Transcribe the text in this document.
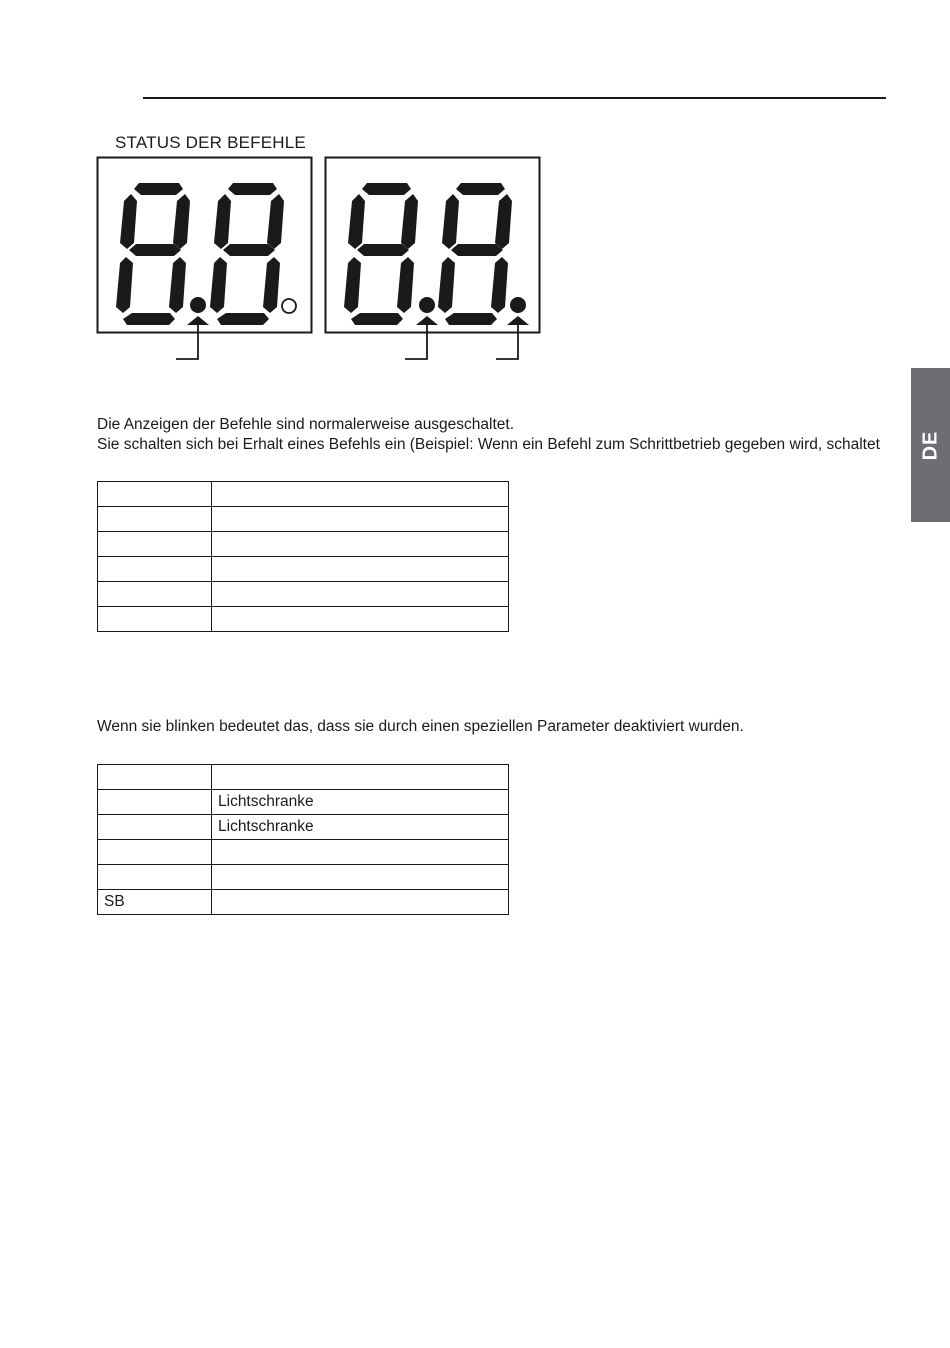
STATUS DER BEFEHLE
Die Anzeigen der Befehle sind normalerweise ausgeschaltet.
Sie schalten sich bei Erhalt eines Befehls ein (Beispiel: Wenn ein Befehl zum Schrittbetrieb gegeben wird, schaltet

Wenn sie blinken bedeutet das, dass sie durch einen speziellen Parameter deaktiviert wurden.

	Lichtschranke
	Lichtschranke

SB	
DE
